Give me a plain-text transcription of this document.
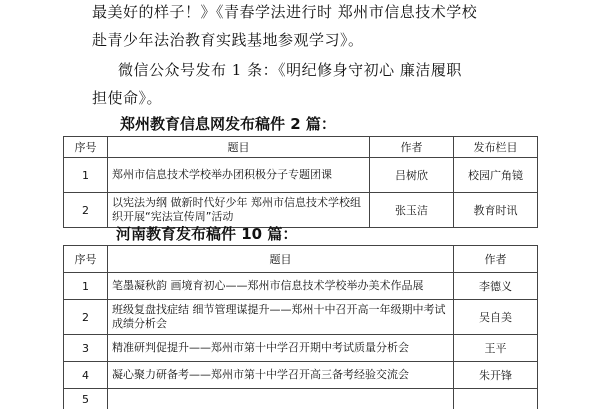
最美好的样子！》《青春学法进行时 郑州市信息技术学校

赴青少年法治教育实践基地参观学习》。

微信公众号发布 1 条：《明纪修身守初心 廉洁履职

担使命》。

郑州教育信息网发布稿件 2 篇：

序号	题目	作者	发布栏目
1	郑州市信息技术学校举办团积极分子专题团课	吕树欣	校园广角镜
2	以宪法为纲 做新时代好少年 郑州市信息技术学校组织开展“宪法宣传周”活动	张玉洁	教育时讯

河南教育发布稿件 10 篇：

序号	题目	作者
1	笔墨凝秋韵 画境育初心——郑州市信息技术学校举办美术作品展	李德义
2	班级复盘找症结 细节管理谋提升——郑州十中召开高一年级期中考试成绩分析会	吴自美
3	精准研判促提升——郑州市第十中学召开期中考试质量分析会	王平
4	凝心聚力研备考——郑州市第十中学召开高三备考经验交流会	朱开锋
5		
